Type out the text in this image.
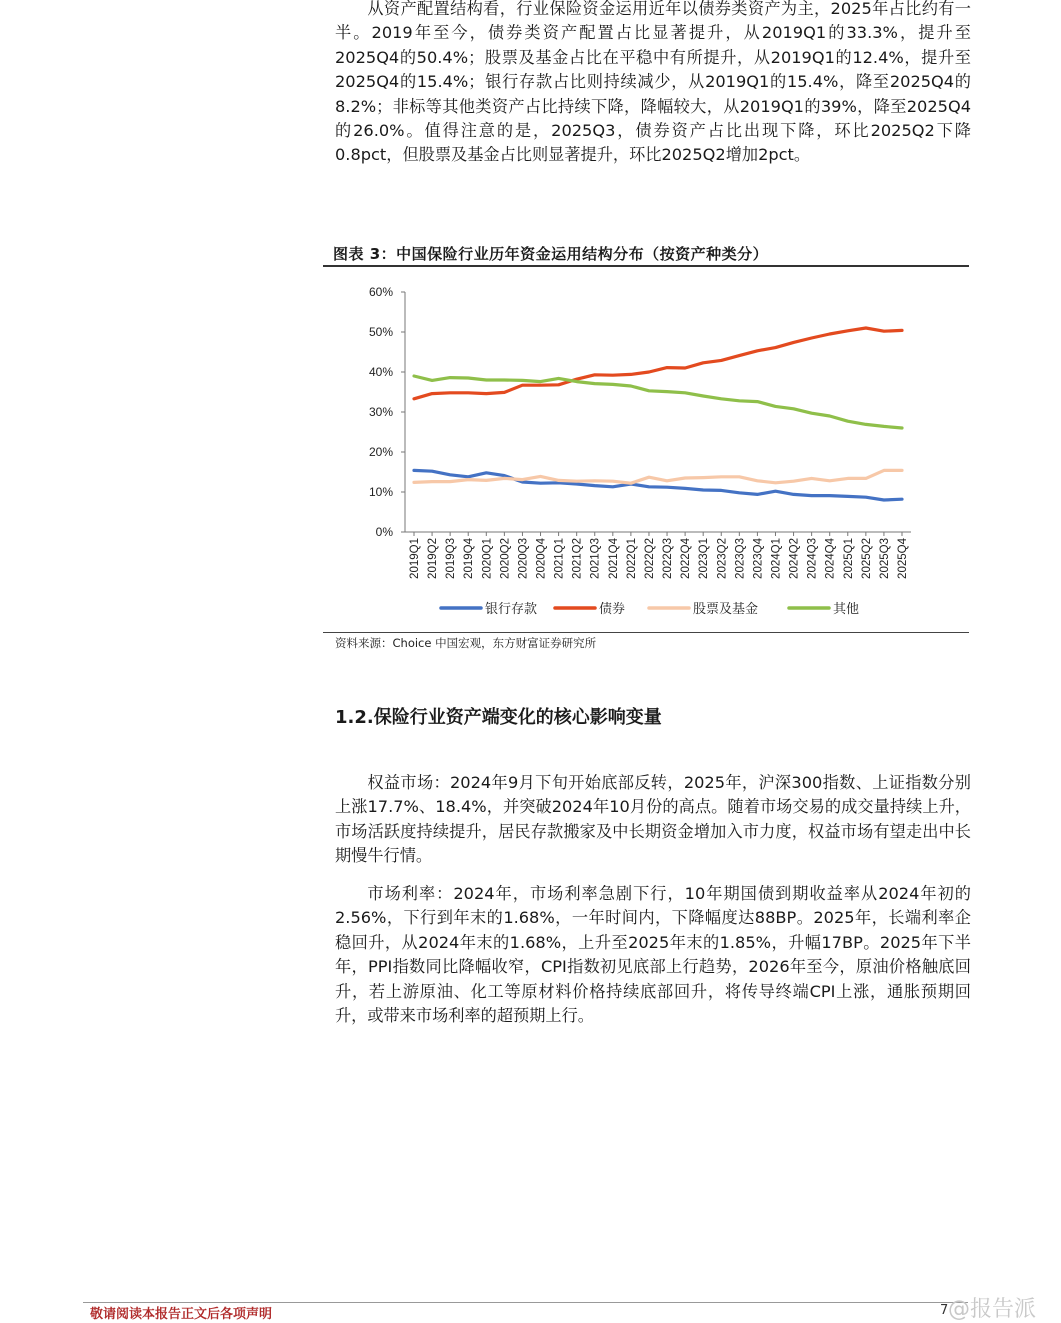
从资产配置结构看，行业保险资金运用近年以债券类资产为主，2025年占比约有一半。2019年至今，债券类资产配置占比显著提升，从2019Q1的33.3%，提升至2025Q4的50.4%；股票及基金占比在平稳中有所提升，从2019Q1的12.4%，提升至2025Q4的15.4%；银行存款占比则持续减少，从2019Q1的15.4%，降至2025Q4的8.2%；非标等其他类资产占比持续下降，降幅较大，从2019Q1的39%，降至2025Q4的26.0%。值得注意的是，2025Q3，债券资产占比出现下降，环比2025Q2下降0.8pct，但股票及基金占比则显著提升，环比2025Q2增加2pct。

图表 3：中国保险行业历年资金运用结构分布（按资产种类分）
0%
10%
20%
30%
40%
50%
60%
2019Q1 2019Q2 2019Q3 2019Q4 2020Q1 2020Q2 2020Q3 2020Q4 2021Q1 2021Q2 2021Q3 2021Q4 2022Q1 2022Q2 2022Q3 2022Q4 2023Q1 2023Q2 2023Q3 2023Q4 2024Q1 2024Q2 2024Q3 2024Q4 2025Q1 2025Q2 2025Q3 2025Q4
银行存款	债券	股票及基金	其他
资料来源：Choice 中国宏观，东方财富证券研究所
1.2.保险行业资产端变化的核心影响变量

权益市场：2024年9月下旬开始底部反转，2025年，沪深300指数、上证指数分别上涨17.7%、18.4%，并突破2024年10月份的高点。随着市场交易的成交量持续上升，市场活跃度持续提升，居民存款搬家及中长期资金增加入市力度，权益市场有望走出中长期慢牛行情。

市场利率：2024年，市场利率急剧下行，10年期国债到期收益率从2024年初的2.56%，下行到年末的1.68%，一年时间内，下降幅度达88BP。2025年，长端利率企稳回升，从2024年末的1.68%，上升至2025年末的1.85%，升幅17BP。2025年下半年，PPI指数同比降幅收窄，CPI指数初见底部上行趋势，2026年至今，原油价格触底回升，若上游原油、化工等原材料价格持续底部回升，将传导终端CPI上涨，通胀预期回升，或带来市场利率的超预期上行。

敬请阅读本报告正文后各项声明	7 @报告派
